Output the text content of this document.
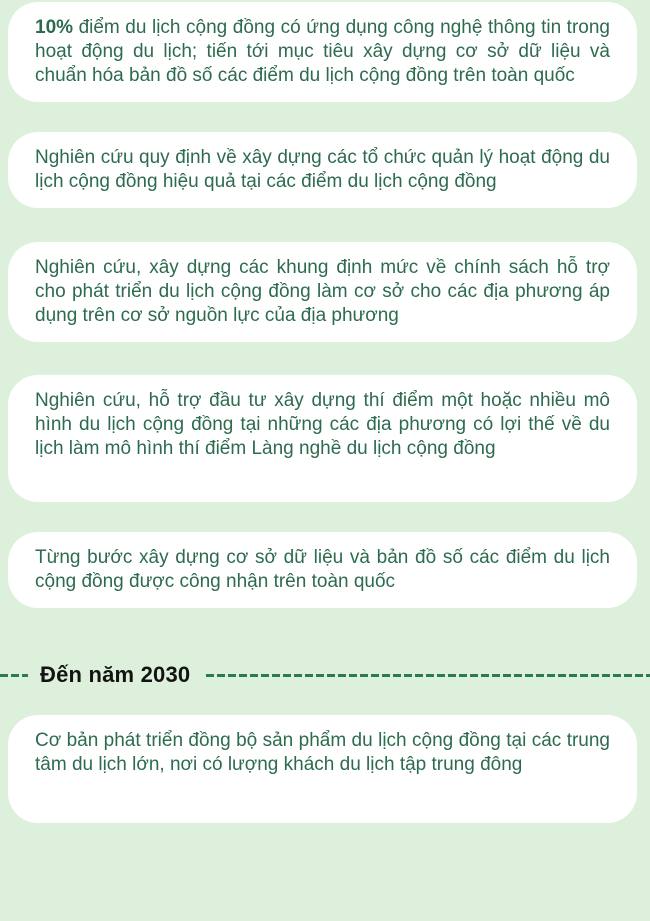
10% điểm du lịch cộng đồng có ứng dụng công nghệ thông tin trong hoạt động du lịch; tiến tới mục tiêu xây dựng cơ sở dữ liệu và chuẩn hóa bản đồ số các điểm du lịch cộng đồng trên toàn quốc

Nghiên cứu quy định về xây dựng các tổ chức quản lý hoạt động du lịch cộng đồng hiệu quả tại các điểm du lịch cộng đồng

Nghiên cứu, xây dựng các khung định mức về chính sách hỗ trợ cho phát triển du lịch cộng đồng làm cơ sở cho các địa phương áp dụng trên cơ sở nguồn lực của địa phương

Nghiên cứu, hỗ trợ đầu tư xây dựng thí điểm một hoặc nhiều mô hình du lịch cộng đồng tại những các địa phương có lợi thế về du lịch làm mô hình thí điểm Làng nghề du lịch cộng đồng

Từng bước xây dựng cơ sở dữ liệu và bản đồ số các điểm du lịch cộng đồng được công nhận trên toàn quốc

Đến năm 2030

Cơ bản phát triển đồng bộ sản phẩm du lịch cộng đồng tại các trung tâm du lịch lớn, nơi có lượng khách du lịch tập trung đông
